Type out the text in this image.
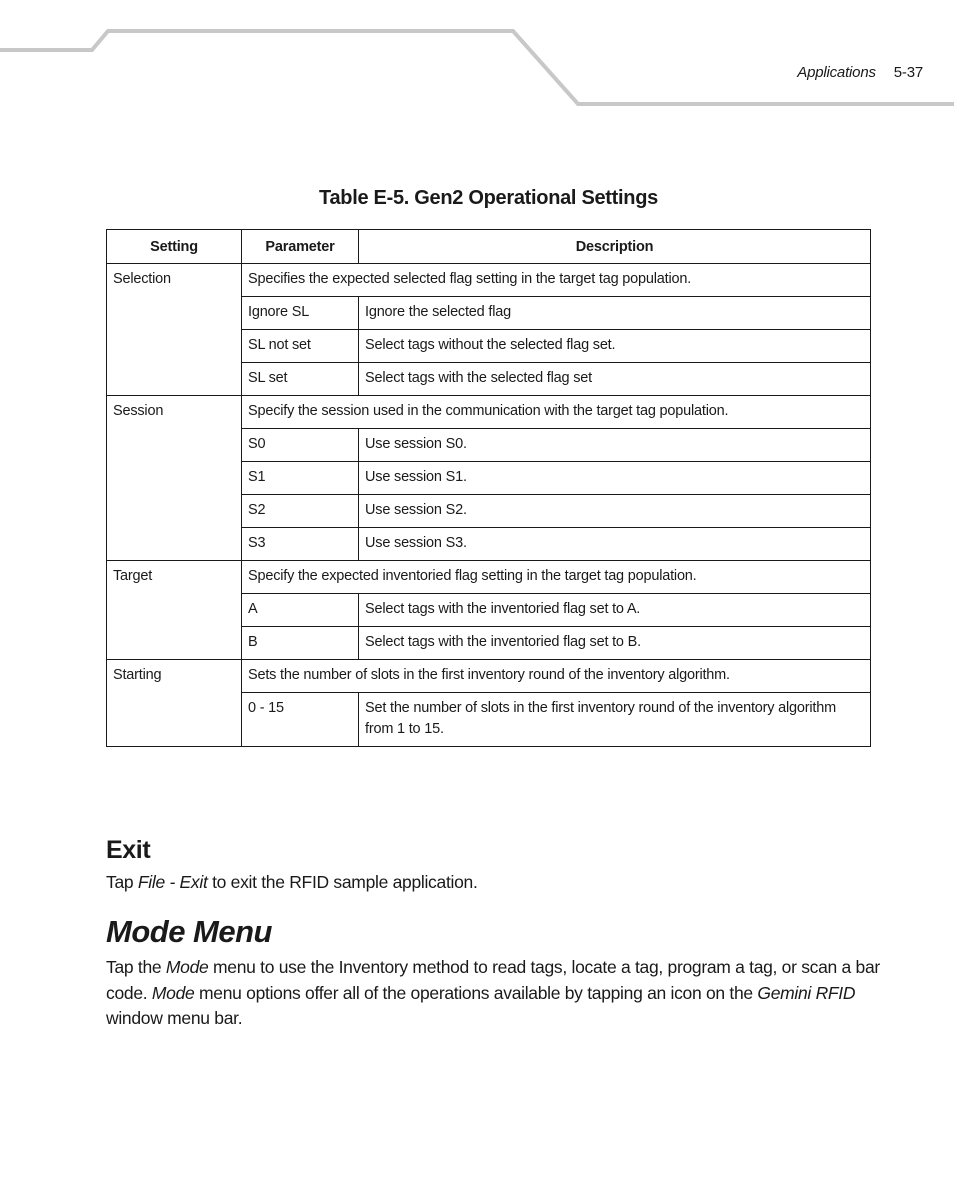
Applications 5-37
Table E-5. Gen2 Operational Settings
Setting	Parameter	Description
Selection	Specifies the expected selected flag setting in the target tag population.	
	Ignore SL	Ignore the selected flag
	SL not set	Select tags without the selected flag set.
	SL set	Select tags with the selected flag set
Session	Specify the session used in the communication with the target tag population.	
	S0	Use session S0.
	S1	Use session S1.
	S2	Use session S2.
	S3	Use session S3.
Target	Specify the expected inventoried flag setting in the target tag population.	
	A	Select tags with the inventoried flag set to A.
	B	Select tags with the inventoried flag set to B.
Starting	Sets the number of slots in the first inventory round of the inventory algorithm.	
	0 - 15	Set the number of slots in the first inventory round of the inventory algorithm from 1 to 15.
Exit

Tap File - Exit to exit the RFID sample application.

Mode Menu

Tap the Mode menu to use the Inventory method to read tags, locate a tag, program a tag, or scan a bar code. Mode menu options offer all of the operations available by tapping an icon on the Gemini RFID window menu bar.
